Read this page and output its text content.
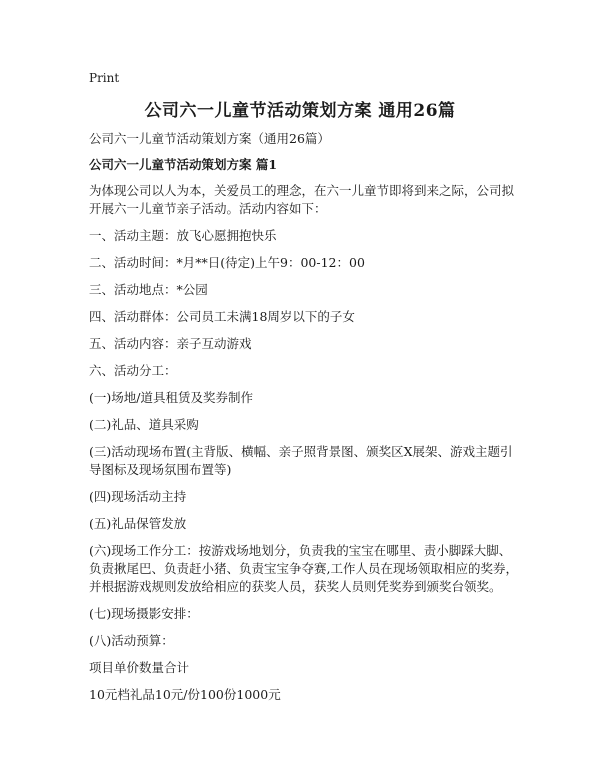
Print
公司六一儿童节活动策划方案 通用26篇

公司六一儿童节活动策划方案（通用26篇）

公司六一儿童节活动策划方案 篇1

为体现公司以人为本，关爱员工的理念，在六一儿童节即将到来之际，公司拟开展六一儿童节亲子活动。活动内容如下：

一、活动主题：放飞心愿拥抱快乐

二、活动时间：*月**日(待定)上午9：00-12：00

三、活动地点：*公园

四、活动群体：公司员工未满18周岁以下的子女

五、活动内容：亲子互动游戏

六、活动分工：

(一)场地/道具租赁及奖券制作

(二)礼品、道具采购

(三)活动现场布置(主背版、横幅、亲子照背景图、颁奖区X展架、游戏主题引导图标及现场氛围布置等)

(四)现场活动主持

(五)礼品保管发放

(六)现场工作分工：按游戏场地划分，负责我的宝宝在哪里、责小脚踩大脚、负责揪尾巴、负责赶小猪、负责宝宝争夺赛,工作人员在现场领取相应的奖券，并根据游戏规则发放给相应的获奖人员，获奖人员则凭奖券到颁奖台领奖。

(七)现场摄影安排：

(八)活动预算：

项目单价数量合计

10元档礼品10元/份100份1000元
